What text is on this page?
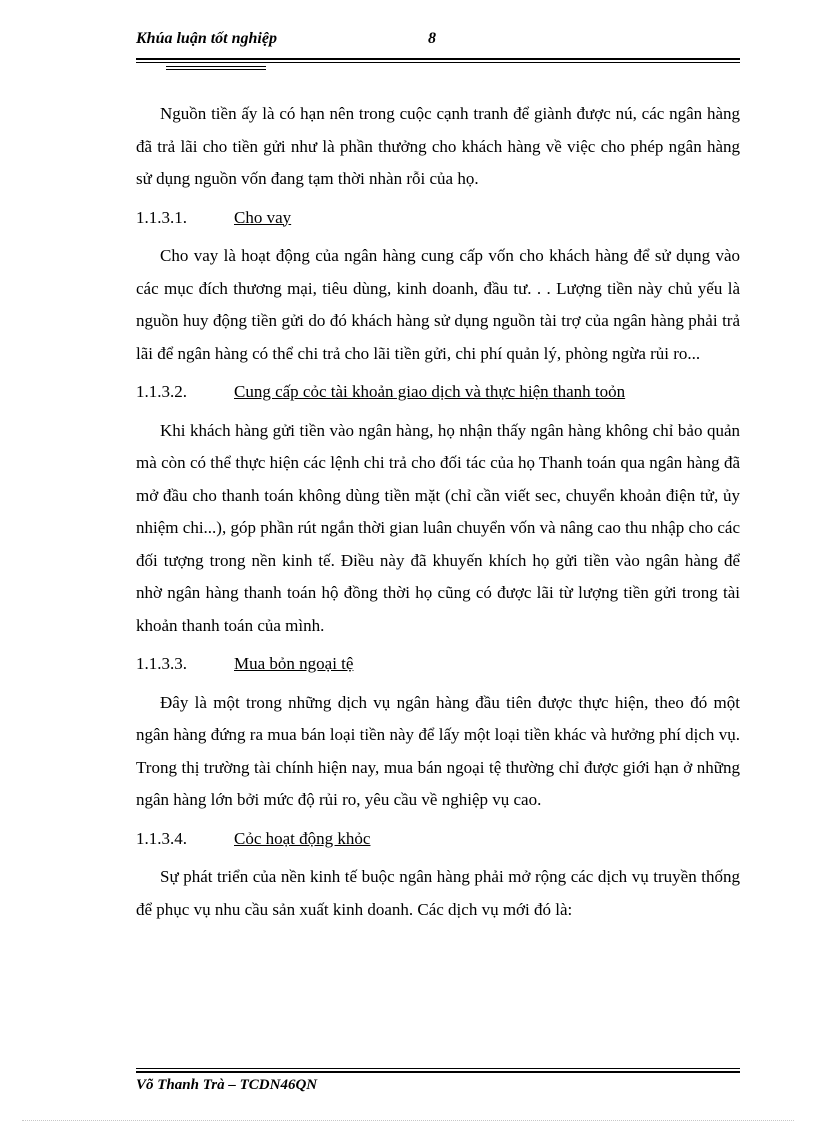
Khúa luận tốt nghiệp	8

Nguồn tiền ấy là có hạn nên trong cuộc cạnh tranh để giành được nú, các ngân hàng đã trả lãi cho tiền gửi như là phần thưởng cho khách hàng về việc cho phép ngân hàng sử dụng nguồn vốn đang tạm thời nhàn rỗi của họ.

1.1.3.1.	Cho vay

Cho vay là hoạt động của ngân hàng cung cấp vốn cho khách hàng để sử dụng vào các mục đích thương mại, tiêu dùng, kinh doanh, đầu tư. . . Lượng tiền này chủ yếu là nguồn huy động tiền gửi do đó khách hàng sử dụng nguồn tài trợ của ngân hàng phải trả lãi để ngân hàng có thể chi trả cho lãi tiền gửi, chi phí quản lý, phòng ngừa rủi ro...

1.1.3.2.	Cung cấp cỏc tài khoản giao dịch và thực hiện thanh toỏn

Khi khách hàng gửi tiền vào ngân hàng, họ nhận thấy ngân hàng không chỉ bảo quản mà còn có thể thực hiện các lệnh chi trả cho đối tác của họ Thanh toán qua ngân hàng đã mở đầu cho thanh toán không dùng tiền mặt (chỉ cần viết sec, chuyển khoản điện tử, ủy nhiệm chi...), góp phần rút ngắn thời gian luân chuyển vốn và nâng cao thu nhập cho các đối tượng trong nền kinh tế. Điều này đã khuyến khích họ gửi tiền vào ngân hàng để nhờ ngân hàng thanh toán hộ đồng thời họ cũng có được lãi từ lượng tiền gửi trong tài khoản thanh toán của mình.

1.1.3.3.	Mua bỏn ngoại tệ

Đây là một trong những dịch vụ ngân hàng đầu tiên được thực hiện, theo đó một ngân hàng đứng ra mua bán loại tiền này để lấy một loại tiền khác và hưởng phí dịch vụ. Trong thị trường tài chính hiện nay, mua bán ngoại tệ thường chỉ được giới hạn ở những ngân hàng lớn bởi mức độ rủi ro, yêu cầu về nghiệp vụ cao.

1.1.3.4.	Cỏc hoạt động khỏc

Sự phát triển của nền kinh tế buộc ngân hàng phải mở rộng các dịch vụ truyền thống để phục vụ nhu cầu sản xuất kinh doanh. Các dịch vụ mới đó là:

Võ Thanh Trà – TCDN46QN
